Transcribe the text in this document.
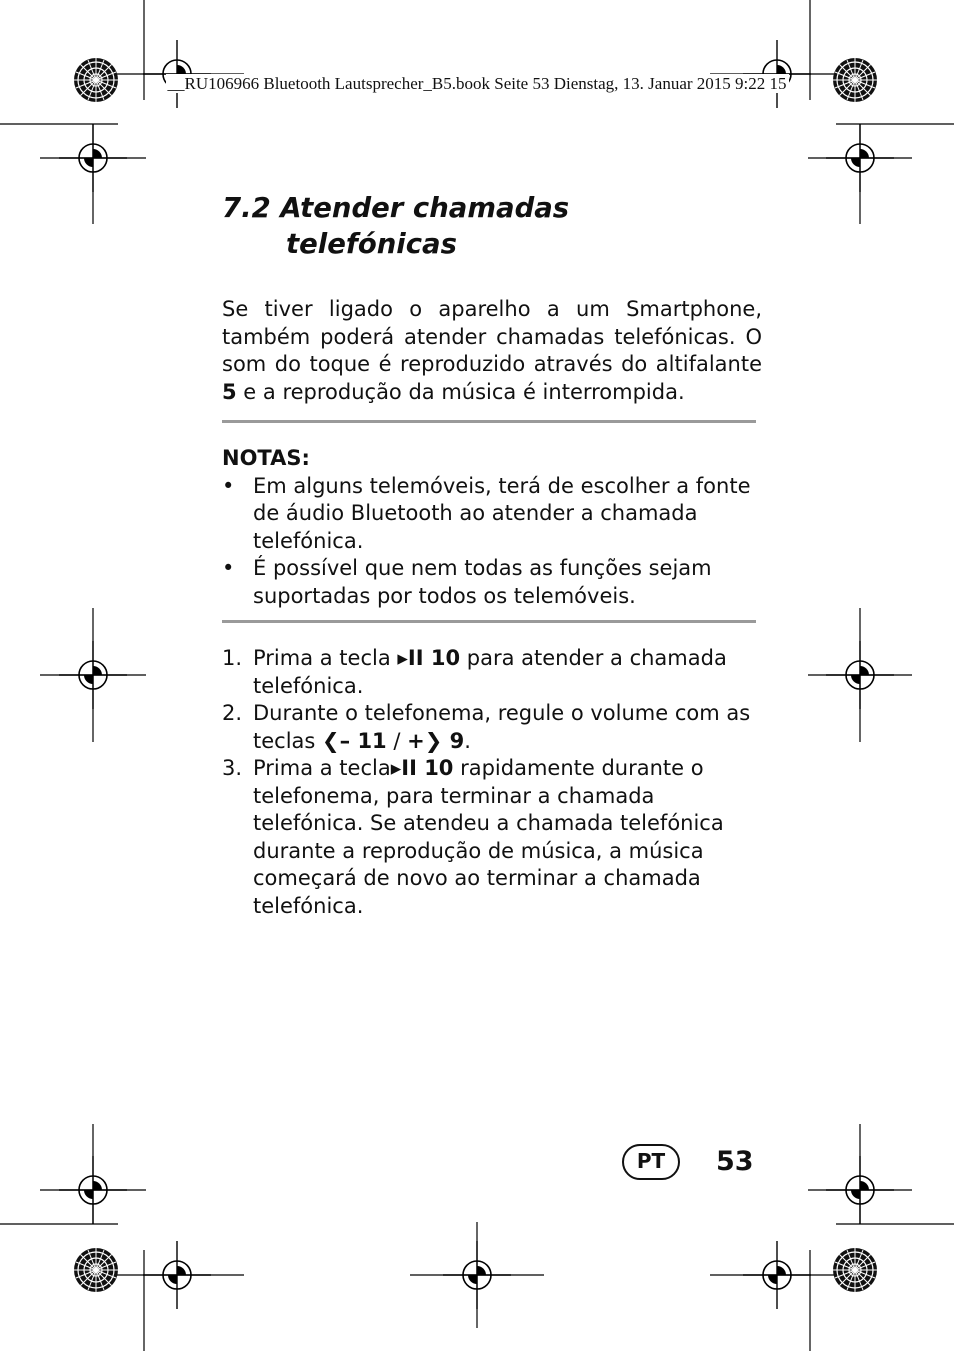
__RU106966 Bluetooth Lautsprecher_B5.book Seite 53 Dienstag, 13. Januar 2015 9:22 15
7.2 Atender chamadas
telefónicas

Se tiver ligado o aparelho a um Smartphone, também poderá atender chamadas telefónicas. O som do toque é reproduzido através do altifalante 5 e a reprodução da música é interrompida.

NOTAS:
• Em alguns telemóveis, terá de escolher a fonte de áudio Bluetooth ao atender a chamada telefónica.
• É possível que nem todas as funções sejam suportadas por todos os telemóveis.
1. Prima a tecla ▸II 10 para atender a chamada telefónica.
2. Durante o telefonema, regule o volume com as teclas ❮– 11 / +❯ 9.
3. Prima a tecla▸II 10 rapidamente durante o telefonema, para terminar a chamada telefónica. Se atendeu a chamada telefónica durante a reprodução de música, a música começará de novo ao terminar a chamada telefónica.
PT	53
